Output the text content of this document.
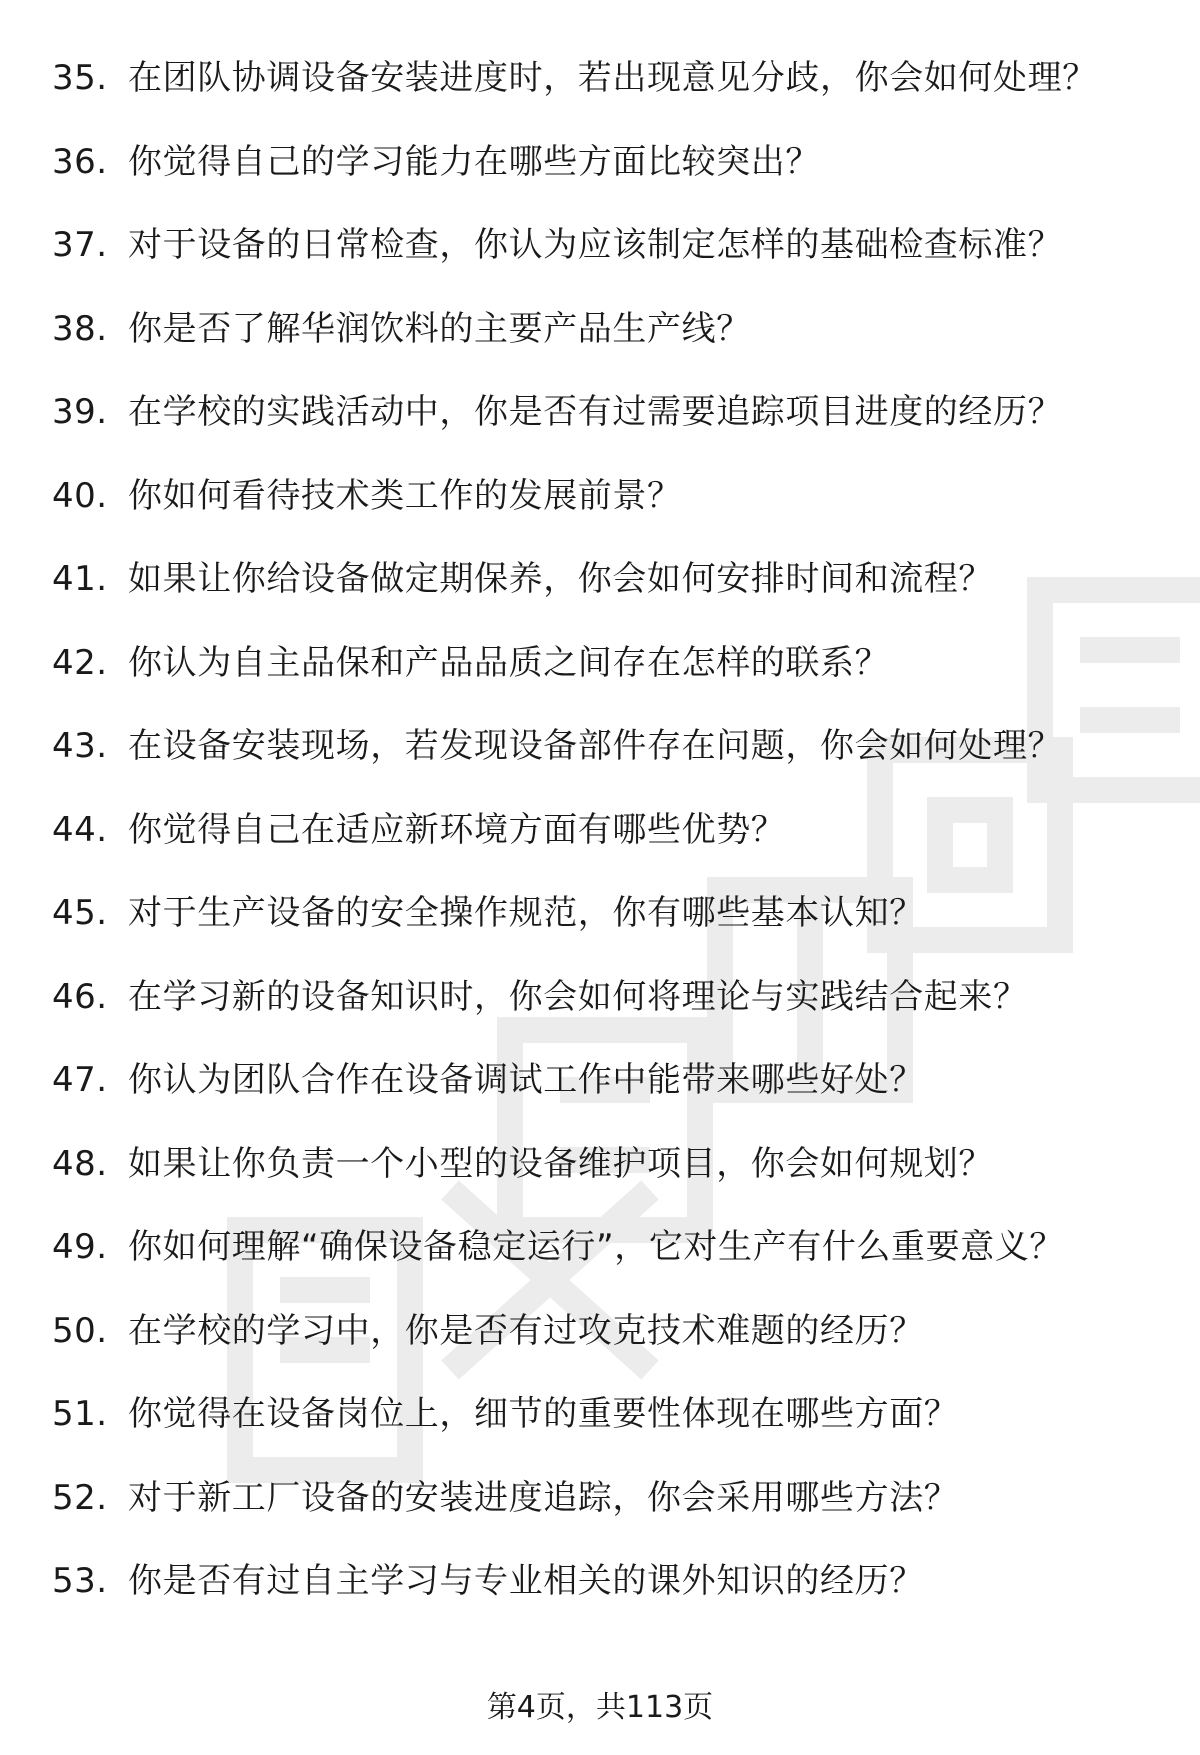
35. 在团队协调设备安装进度时，若出现意见分歧，你会如何处理？
36. 你觉得自己的学习能力在哪些方面比较突出？
37. 对于设备的日常检查，你认为应该制定怎样的基础检查标准？
38. 你是否了解华润饮料的主要产品生产线？
39. 在学校的实践活动中，你是否有过需要追踪项目进度的经历？
40. 你如何看待技术类工作的发展前景？
41. 如果让你给设备做定期保养，你会如何安排时间和流程？
42. 你认为自主品保和产品品质之间存在怎样的联系？
43. 在设备安装现场，若发现设备部件存在问题，你会如何处理？
44. 你觉得自己在适应新环境方面有哪些优势？
45. 对于生产设备的安全操作规范，你有哪些基本认知？
46. 在学习新的设备知识时，你会如何将理论与实践结合起来？
47. 你认为团队合作在设备调试工作中能带来哪些好处？
48. 如果让你负责一个小型的设备维护项目，你会如何规划？
49. 你如何理解“确保设备稳定运行”，它对生产有什么重要意义？
50. 在学校的学习中，你是否有过攻克技术难题的经历？
51. 你觉得在设备岗位上，细节的重要性体现在哪些方面？
52. 对于新工厂设备的安装进度追踪，你会采用哪些方法？
53. 你是否有过自主学习与专业相关的课外知识的经历？
第4页，共113页
